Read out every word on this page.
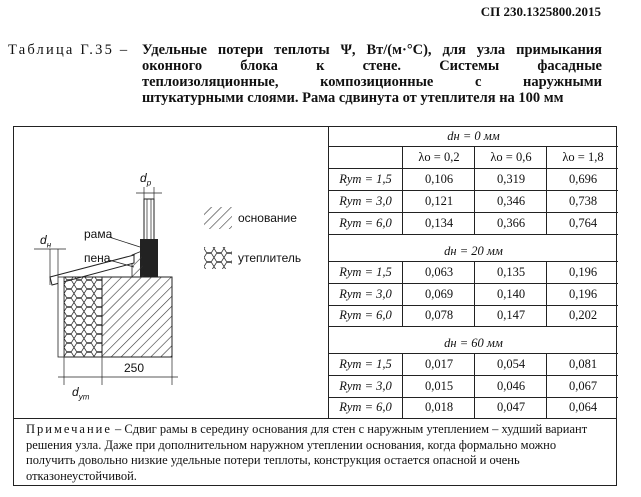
СП 230.1325800.2015
Таблица Г.35 – Удельные потери теплоты Ψ, Вт/(м·°С), для узла примыкания
оконного блока к стене. Системы фасадные
теплоизоляционные, композиционные с наружными
штукатурными слоями. Рама сдвинута от утеплителя на 100 мм
$d_р$
рама
пена
$d_н$
$d_{ут}$
250
основание
утеплитель
dн = 0 мм
λо = 0,2	λо = 0,6	λо = 1,8
Rут = 1,5	0,106	0,319	0,696
Rут = 3,0	0,121	0,346	0,738
Rут = 6,0	0,134	0,366	0,764
dн = 20 мм
Rут = 1,5	0,063	0,135	0,196
Rут = 3,0	0,069	0,140	0,196
Rут = 6,0	0,078	0,147	0,202
dн = 60 мм
Rут = 1,5	0,017	0,054	0,081
Rут = 3,0	0,015	0,046	0,067
Rут = 6,0	0,018	0,047	0,064
Примечание – Сдвиг рамы в середину основания для стен с наружным утеплением – худший вариант решения узла. Даже при дополнительном наружном утеплении основания, когда формально можно получить довольно низкие удельные потери теплоты, конструкция остается опасной и очень отказонеустойчивой.
